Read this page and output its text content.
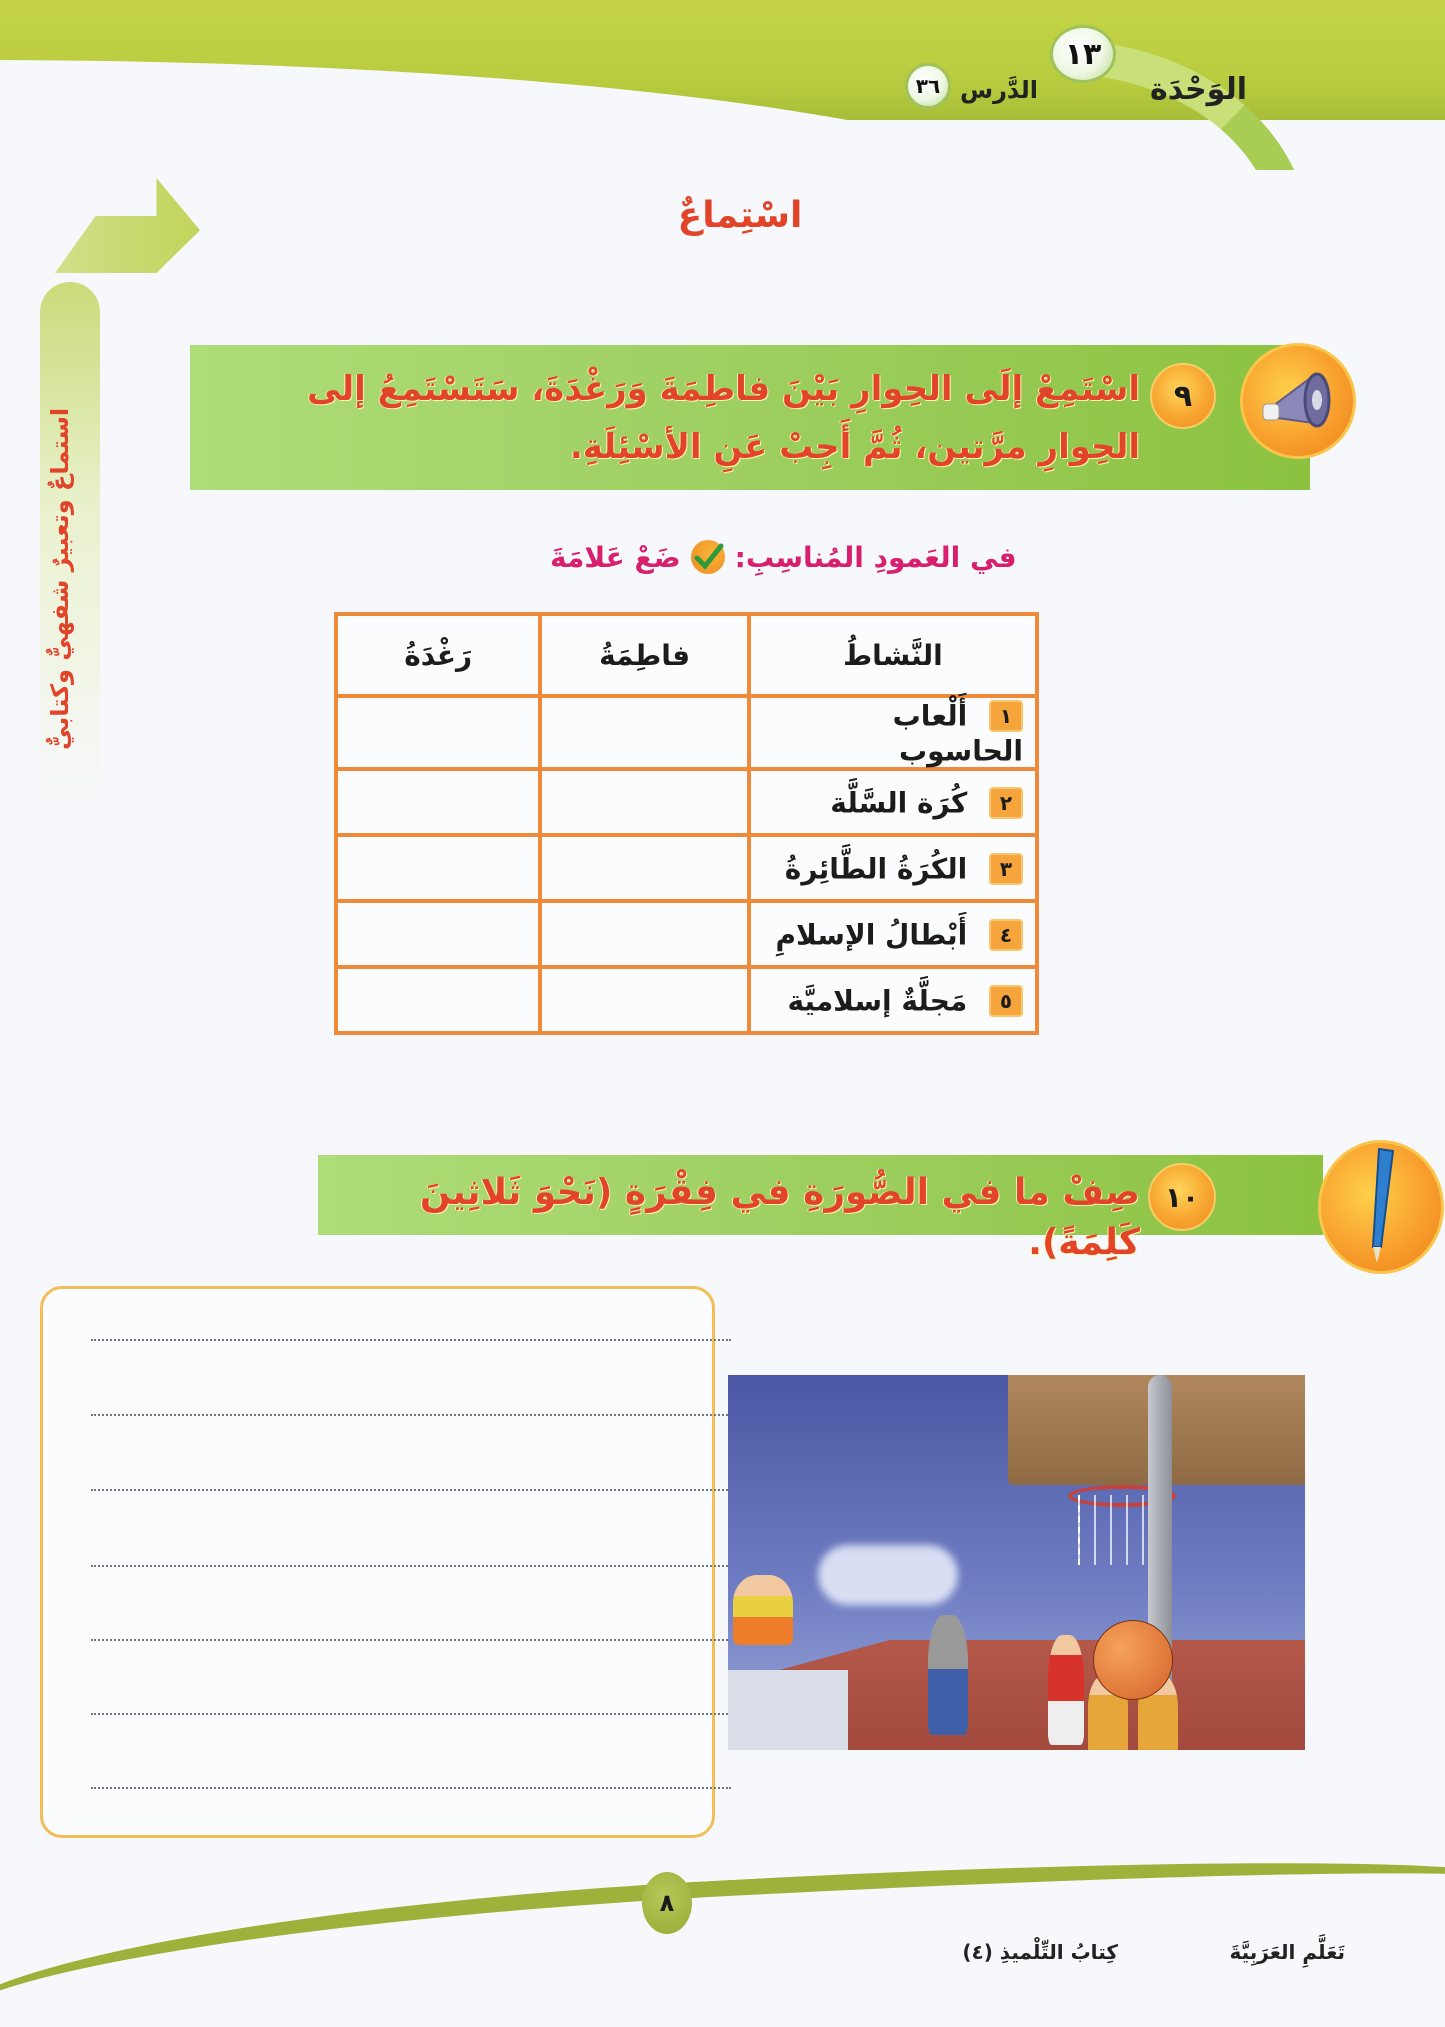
١٣
الوَحْدَة
٣٦ الدَّرس
استماعٌ وتعبيرٌ شفهيٌّ وكتابيٌّ
اسْتِماعٌ
٩
اسْتَمِعْ إلَى الحِوارِ بَيْنَ فاطِمَةَ وَرَغْدَةَ، سَتَسْتَمِعُ إلى الحِوارِ مرَّتين، ثُمَّ أَجِبْ عَنِ الأسْئِلَةِ.
ضَعْ عَلامَةَ في العَمودِ المُناسِبِ:
النَّشاطُ	فاطِمَةُ	رَغْدَةُ
١ أَلْعاب الحاسوب		
٢ كُرَة السَّلَّة		
٣ الكُرَةُ الطَّائِرةُ		
٤ أَبْطالُ الإسلامِ		
٥ مَجلَّةٌ إسلاميَّة		
١٠
صِفْ ما في الصُّورَةِ في فِقْرَةٍ (نَحْوَ ثَلاثِينَ كَلِمَةً).
٨
تَعَلَّمِ العَرَبِيَّةَ
كِتابُ التِّلْميذِ (٤)
